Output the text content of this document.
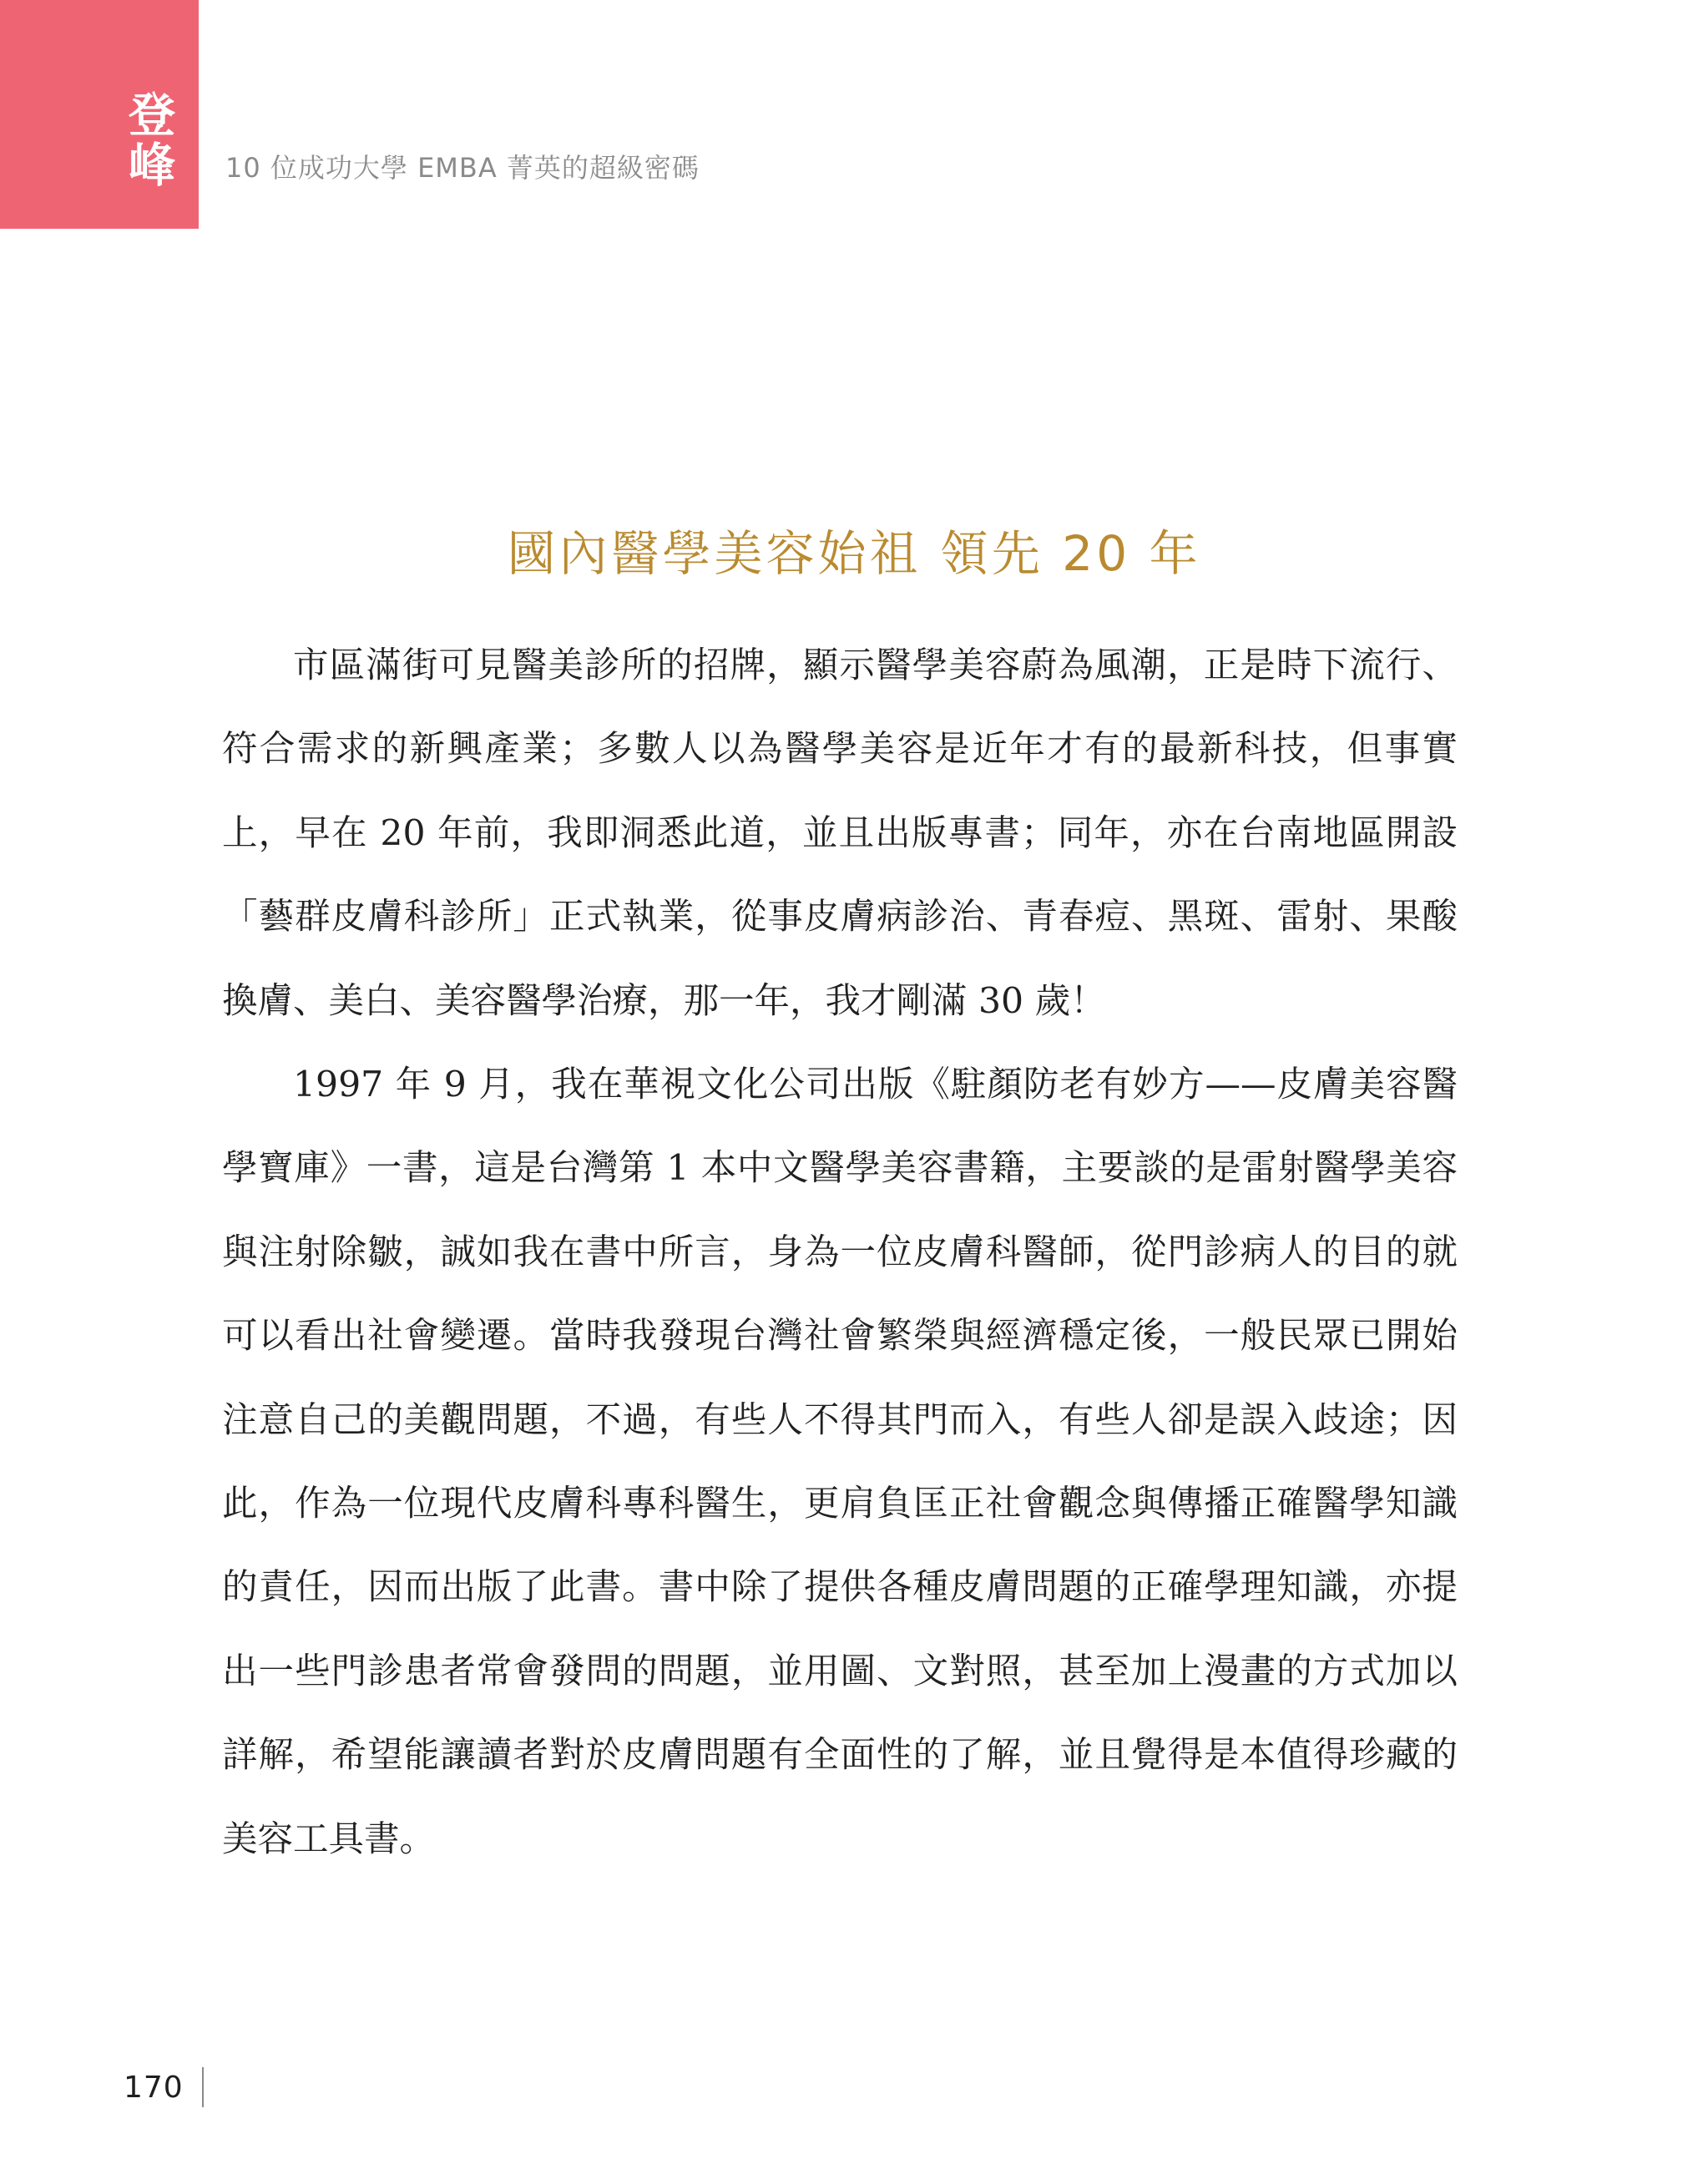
登峰 10 位成功大學 EMBA 菁英的超級密碼
國內醫學美容始祖 領先 20 年

市區滿街可見醫美診所的招牌，顯示醫學美容蔚為風潮，正是時下流行、符合需求的新興產業；多數人以為醫學美容是近年才有的最新科技，但事實上，早在 20 年前，我即洞悉此道，並且出版專書；同年，亦在台南地區開設「藝群皮膚科診所」正式執業，從事皮膚病診治、青春痘、黑斑、雷射、果酸換膚、美白、美容醫學治療，那一年，我才剛滿 30 歲！

1997 年 9 月，我在華視文化公司出版《駐顏防老有妙方——皮膚美容醫學寶庫》一書，這是台灣第 1 本中文醫學美容書籍，主要談的是雷射醫學美容與注射除皺，誠如我在書中所言，身為一位皮膚科醫師，從門診病人的目的就可以看出社會變遷。當時我發現台灣社會繁榮與經濟穩定後，一般民眾已開始注意自己的美觀問題，不過，有些人不得其門而入，有些人卻是誤入歧途；因此，作為一位現代皮膚科專科醫生，更肩負匡正社會觀念與傳播正確醫學知識的責任，因而出版了此書。書中除了提供各種皮膚問題的正確學理知識，亦提出一些門診患者常會發問的問題，並用圖、文對照，甚至加上漫畫的方式加以詳解，希望能讓讀者對於皮膚問題有全面性的了解，並且覺得是本值得珍藏的美容工具書。

170
